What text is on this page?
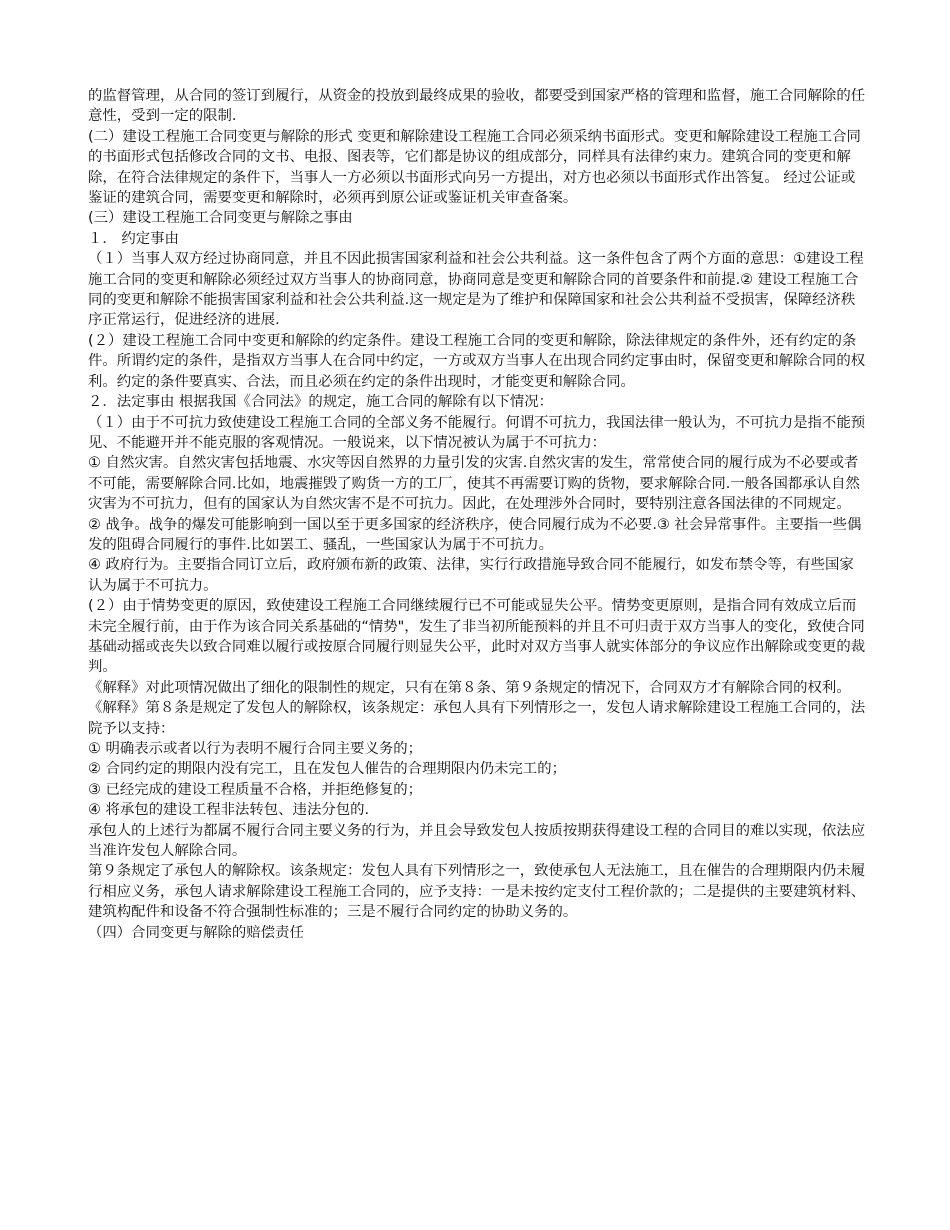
的监督管理，从合同的签订到履行，从资金的投放到最终成果的验收，都要受到国家严格的管理和监督，施工合同解除的任意性，受到一定的限制.

(二）建设工程施工合同变更与解除的形式 变更和解除建设工程施工合同必须采纳书面形式。变更和解除建设工程施工合同的书面形式包括修改合同的文书、电报、图表等，它们都是协议的组成部分，同样具有法律约束力。建筑合同的变更和解除，在符合法律规定的条件下，当事人一方必须以书面形式向另一方提出，对方也必须以书面形式作出答复。 经过公证或鉴证的建筑合同，需要变更和解除时，必须再到原公证或鉴证机关审查备案。

(三）建设工程施工合同变更与解除之事由

１． 约定事由

（１）当事人双方经过协商同意，并且不因此损害国家利益和社会公共利益。这一条件包含了两个方面的意思：①建设工程施工合同的变更和解除必须经过双方当事人的协商同意，协商同意是变更和解除合同的首要条件和前提.② 建设工程施工合同的变更和解除不能损害国家利益和社会公共利益.这一规定是为了维护和保障国家和社会公共利益不受损害，保障经济秩序正常运行，促进经济的进展.

(２）建设工程施工合同中变更和解除的约定条件。建设工程施工合同的变更和解除，除法律规定的条件外，还有约定的条件。所谓约定的条件，是指双方当事人在合同中约定，一方或双方当事人在出现合同约定事由时，保留变更和解除合同的权利。约定的条件要真实、合法，而且必须在约定的条件出现时，才能变更和解除合同。

２．法定事由 根据我国《合同法》的规定，施工合同的解除有以下情况：

（１）由于不可抗力致使建设工程施工合同的全部义务不能履行。何谓不可抗力，我国法律一般认为，不可抗力是指不能预见、不能避开并不能克服的客观情况。一般说来，以下情况被认为属于不可抗力：

① 自然灾害。自然灾害包括地震、水灾等因自然界的力量引发的灾害.自然灾害的发生，常常使合同的履行成为不必要或者不可能，需要解除合同.比如，地震摧毁了购货一方的工厂，使其不再需要订购的货物，要求解除合同.一般各国都承认自然灾害为不可抗力，但有的国家认为自然灾害不是不可抗力。因此，在处理涉外合同时，要特别注意各国法律的不同规定。

② 战争。战争的爆发可能影响到一国以至于更多国家的经济秩序，使合同履行成为不必要.③ 社会异常事件。主要指一些偶发的阻碍合同履行的事件.比如罢工、骚乱，一些国家认为属于不可抗力。

④ 政府行为。主要指合同订立后，政府颁布新的政策、法律，实行行政措施导致合同不能履行，如发布禁令等，有些国家认为属于不可抗力。

(２）由于情势变更的原因，致使建设工程施工合同继续履行已不可能或显失公平。情势变更原则，是指合同有效成立后而未完全履行前，由于作为该合同关系基础的“情势"，发生了非当初所能预料的并且不可归责于双方当事人的变化，致使合同基础动摇或丧失以致合同难以履行或按原合同履行则显失公平，此时对双方当事人就实体部分的争议应作出解除或变更的裁判。

《解释》对此项情况做出了细化的限制性的规定，只有在第８条、第９条规定的情况下，合同双方才有解除合同的权利。

《解释》第８条是规定了发包人的解除权，该条规定：承包人具有下列情形之一，发包人请求解除建设工程施工合同的，法院予以支持：

① 明确表示或者以行为表明不履行合同主要义务的；

② 合同约定的期限内没有完工，且在发包人催告的合理期限内仍未完工的；

③ 已经完成的建设工程质量不合格，并拒绝修复的；

④ 将承包的建设工程非法转包、违法分包的.

承包人的上述行为都属不履行合同主要义务的行为，并且会导致发包人按质按期获得建设工程的合同目的难以实现，依法应当准许发包人解除合同。

第９条规定了承包人的解除权。该条规定：发包人具有下列情形之一，致使承包人无法施工，且在催告的合理期限内仍未履行相应义务，承包人请求解除建设工程施工合同的，应予支持：一是未按约定支付工程价款的；二是提供的主要建筑材料、建筑构配件和设备不符合强制性标准的；三是不履行合同约定的协助义务的。

（四）合同变更与解除的赔偿责任
